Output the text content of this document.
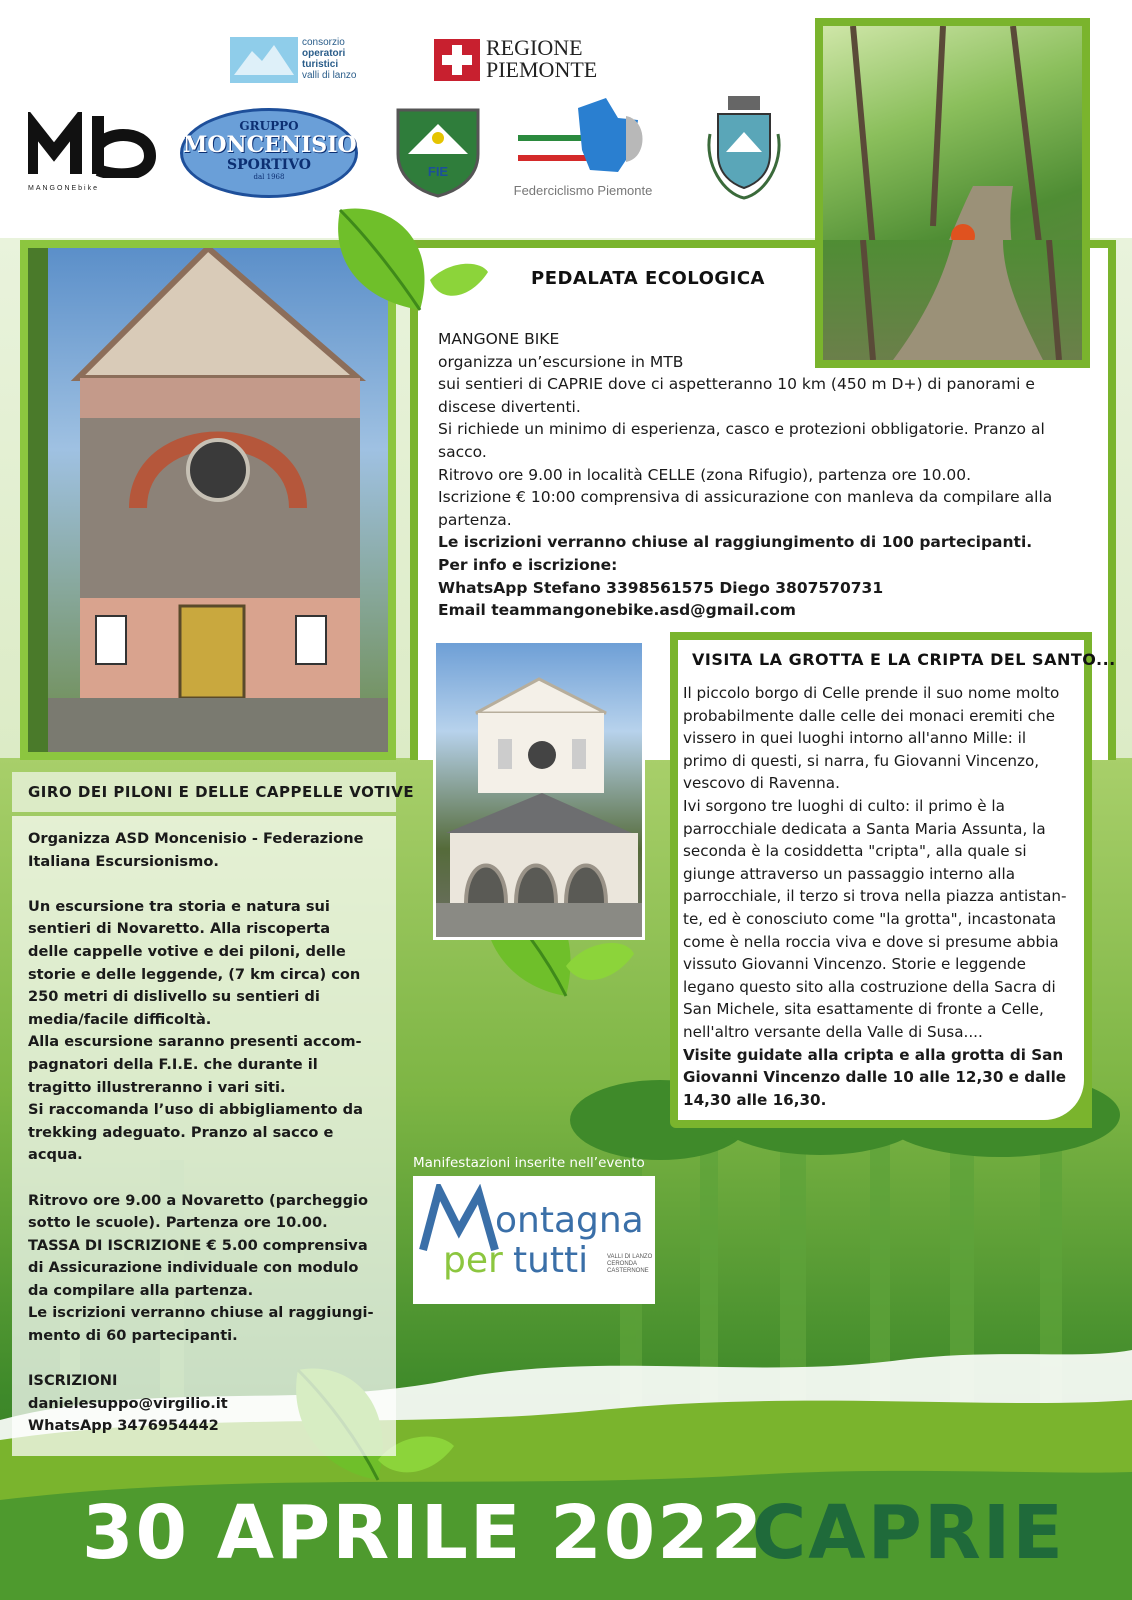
consorzio
operatori
turistici
valli di lanzo
REGIONE
PIEMONTE
MANGONEbike
GRUPPO
MONCENISIO
SPORTIVO
dal 1968	FIE
Federciclismo Piemonte
PEDALATA ECOLOGICA
MANGONE BIKE
organizza un’escursione in MTB
sui sentieri di CAPRIE dove ci aspetteranno 10 km (450 m D+) di panorami e
discese divertenti.
Si richiede un minimo di esperienza, casco e protezioni obbligatorie. Pranzo al
sacco.
Ritrovo ore 9.00 in località CELLE (zona Rifugio), partenza ore 10.00.
Iscrizione € 10:00 comprensiva di assicurazione con manleva da compilare alla
partenza.
Le iscrizioni verranno chiuse al raggiungimento di 100 partecipanti.
Per info e iscrizione:
WhatsApp Stefano 3398561575 Diego 3807570731
Email teammangonebike.asd@gmail.com
VISITA LA GROTTA E LA CRIPTA DEL SANTO...
Il piccolo borgo di Celle prende il suo nome molto
probabilmente dalle celle dei monaci eremiti che
vissero in quei luoghi intorno all'anno Mille: il
primo di questi, si narra, fu Giovanni Vincenzo,
vescovo di Ravenna.
Ivi sorgono tre luoghi di culto: il primo è la
parrocchiale dedicata a Santa Maria Assunta, la
seconda è la cosiddetta "cripta", alla quale si
giunge attraverso un passaggio interno alla
parrocchiale, il terzo si trova nella piazza antistan-
te, ed è conosciuto come "la grotta", incastonata
come è nella roccia viva e dove si presume abbia
vissuto Giovanni Vincenzo. Storie e leggende
legano questo sito alla costruzione della Sacra di
San Michele, sita esattamente di fronte a Celle,
nell'altro versante della Valle di Susa....
Visite guidate alla cripta e alla grotta di San
Giovanni Vincenzo dalle 10 alle 12,30 e dalle
14,30 alle 16,30.
GIRO DEI PILONI E DELLE CAPPELLE VOTIVE
Organizza ASD Moncenisio - Federazione
Italiana Escursionismo.
Un escursione tra storia e natura sui
sentieri di Novaretto. Alla riscoperta
delle cappelle votive e dei piloni, delle
storie e delle leggende, (7 km circa) con
250 metri di dislivello su sentieri di
media/facile difficoltà.
Alla escursione saranno presenti accom-
pagnatori della F.I.E. che durante il
tragitto illustreranno i vari siti.
Si raccomanda l’uso di abbigliamento da
trekking adeguato. Pranzo al sacco e
acqua.
Ritrovo ore 9.00 a Novaretto (parcheggio
sotto le scuole). Partenza ore 10.00.
TASSA DI ISCRIZIONE € 5.00 comprensiva
di Assicurazione individuale con modulo
da compilare alla partenza.
Le iscrizioni verranno chiuse al raggiungi-
mento di 60 partecipanti.
ISCRIZIONI
danielesuppo@virgilio.it
WhatsApp 3476954442
Manifestazioni inserite nell’evento
ontagna
per tutti	VALLI DI LANZO
CERONDA
CASTERNONE
30 APRILE 2022
CAPRIE
